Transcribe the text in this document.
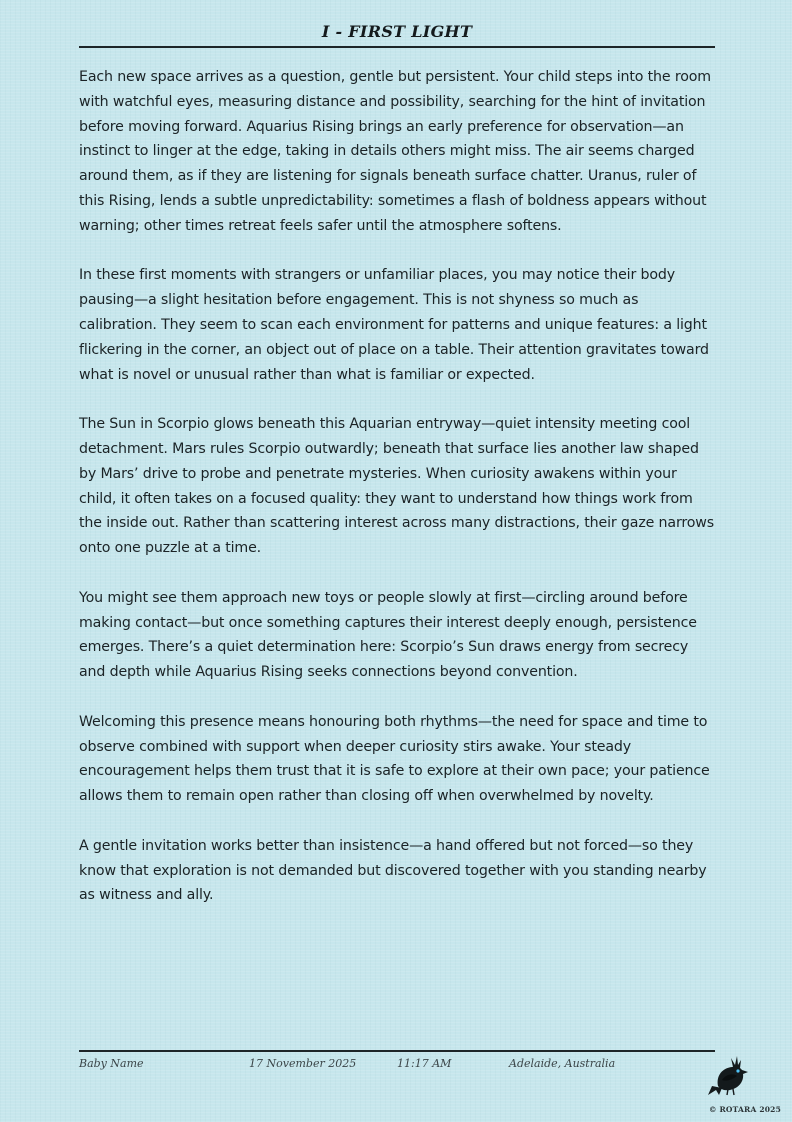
I - FIRST LIGHT

Each new space arrives as a question, gentle but persistent. Your child steps into the room with watchful eyes, measuring distance and possibility, searching for the hint of invitation before moving forward. Aquarius Rising brings an early preference for observation—an instinct to linger at the edge, taking in details others might miss. The air seems charged around them, as if they are listening for signals beneath surface chatter. Uranus, ruler of this Rising, lends a subtle unpredictability: sometimes a flash of boldness appears without warning; other times retreat feels safer until the atmosphere softens.

In these first moments with strangers or unfamiliar places, you may notice their body pausing—a slight hesitation before engagement. This is not shyness so much as calibration. They seem to scan each environment for patterns and unique features: a light flickering in the corner, an object out of place on a table. Their attention gravitates toward what is novel or unusual rather than what is familiar or expected.

The Sun in Scorpio glows beneath this Aquarian entryway—quiet intensity meeting cool detachment. Mars rules Scorpio outwardly; beneath that surface lies another law shaped by Mars’ drive to probe and penetrate mysteries. When curiosity awakens within your child, it often takes on a focused quality: they want to understand how things work from the inside out. Rather than scattering interest across many distractions, their gaze narrows onto one puzzle at a time.

You might see them approach new toys or people slowly at first—circling around before making contact—but once something captures their interest deeply enough, persistence emerges. There’s a quiet determination here: Scorpio’s Sun draws energy from secrecy and depth while Aquarius Rising seeks connections beyond convention.

Welcoming this presence means honouring both rhythms—the need for space and time to observe combined with support when deeper curiosity stirs awake. Your steady encouragement helps them trust that it is safe to explore at their own pace; your patience allows them to remain open rather than closing off when overwhelmed by novelty.

A gentle invitation works better than insistence—a hand offered but not forced—so they know that exploration is not demanded but discovered together with you standing nearby as witness and ally.

Baby Name	17 November 2025	11:17 AM	Adelaide, Australia
© ROTARA 2025
